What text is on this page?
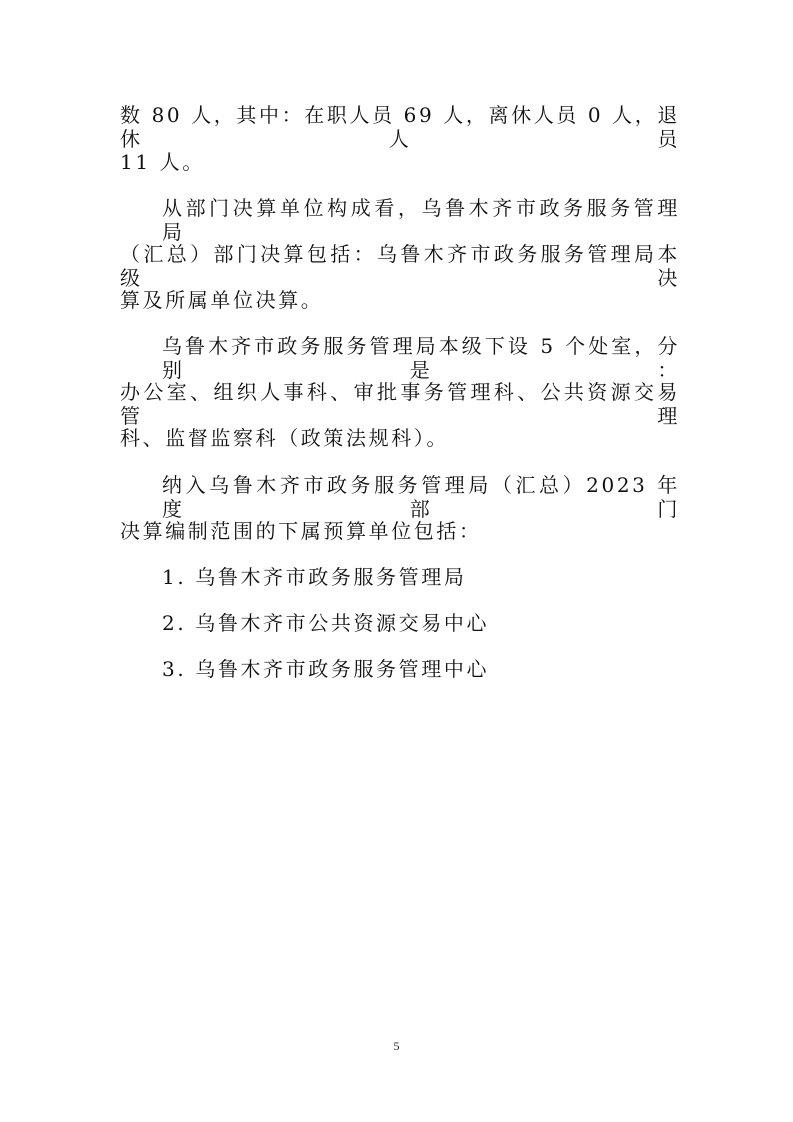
数 80 人，其中：在职人员 69 人，离休人员 0 人，退休人员
11 人。
从部门决算单位构成看，乌鲁木齐市政务服务管理局
（汇总）部门决算包括：乌鲁木齐市政务服务管理局本级决
算及所属单位决算。
乌鲁木齐市政务服务管理局本级下设 5 个处室，分别是：
办公室、组织人事科、审批事务管理科、公共资源交易管理
科、监督监察科（政策法规科）。
纳入乌鲁木齐市政务服务管理局（汇总）2023 年度部门
决算编制范围的下属预算单位包括：
1. 乌鲁木齐市政务服务管理局
2. 乌鲁木齐市公共资源交易中心
3. 乌鲁木齐市政务服务管理中心
5
